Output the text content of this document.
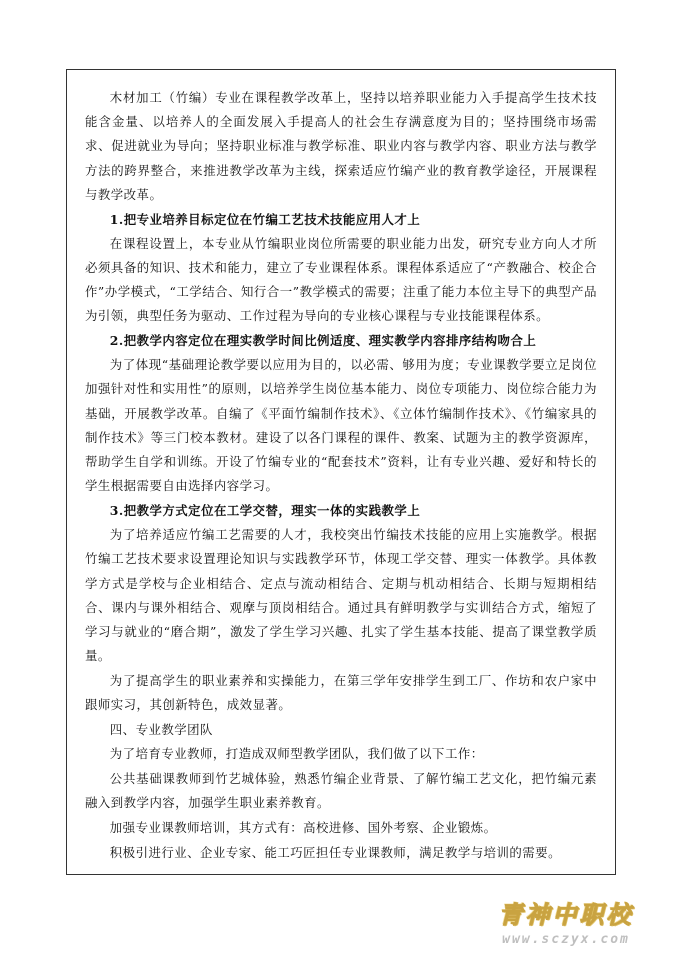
木材加工（竹编）专业在课程教学改革上，坚持以培养职业能力入手提高学生技术技能含金量、以培养人的全面发展入手提高人的社会生存满意度为目的；坚持围绕市场需求、促进就业为导向；坚持职业标准与教学标准、职业内容与教学内容、职业方法与教学方法的跨界整合，来推进教学改革为主线，探索适应竹编产业的教育教学途径，开展课程与教学改革。

1.把专业培养目标定位在竹编工艺技术技能应用人才上

在课程设置上，本专业从竹编职业岗位所需要的职业能力出发，研究专业方向人才所必须具备的知识、技术和能力，建立了专业课程体系。课程体系适应了“产教融合、校企合作”办学模式，“工学结合、知行合一”教学模式的需要；注重了能力本位主导下的典型产品为引领，典型任务为驱动、工作过程为导向的专业核心课程与专业技能课程体系。

2.把教学内容定位在理实教学时间比例适度、理实教学内容排序结构吻合上

为了体现“基础理论教学要以应用为目的，以必需、够用为度；专业课教学要立足岗位加强针对性和实用性”的原则，以培养学生岗位基本能力、岗位专项能力、岗位综合能力为基础，开展教学改革。自编了《平面竹编制作技术》、《立体竹编制作技术》、《竹编家具的制作技术》等三门校本教材。建设了以各门课程的课件、教案、试题为主的教学资源库，帮助学生自学和训练。开设了竹编专业的“配套技术”资料，让有专业兴趣、爱好和特长的学生根据需要自由选择内容学习。

3.把教学方式定位在工学交替，理实一体的实践教学上

为了培养适应竹编工艺需要的人才，我校突出竹编技术技能的应用上实施教学。根据竹编工艺技术要求设置理论知识与实践教学环节，体现工学交替、理实一体教学。具体教学方式是学校与企业相结合、定点与流动相结合、定期与机动相结合、长期与短期相结合、课内与课外相结合、观摩与顶岗相结合。通过具有鲜明教学与实训结合方式，缩短了学习与就业的“磨合期”，激发了学生学习兴趣、扎实了学生基本技能、提高了课堂教学质量。

为了提高学生的职业素养和实操能力，在第三学年安排学生到工厂、作坊和农户家中跟师实习，其创新特色，成效显著。

四、专业教学团队

为了培育专业教师，打造成双师型教学团队，我们做了以下工作：

公共基础课教师到竹艺城体验，熟悉竹编企业背景、了解竹编工艺文化，把竹编元素融入到教学内容，加强学生职业素养教育。

加强专业课教师培训，其方式有：高校进修、国外考察、企业锻炼。

积极引进行业、企业专家、能工巧匠担任专业课教师，满足教学与培训的需要。

青神中职校
www.sczyx.com
